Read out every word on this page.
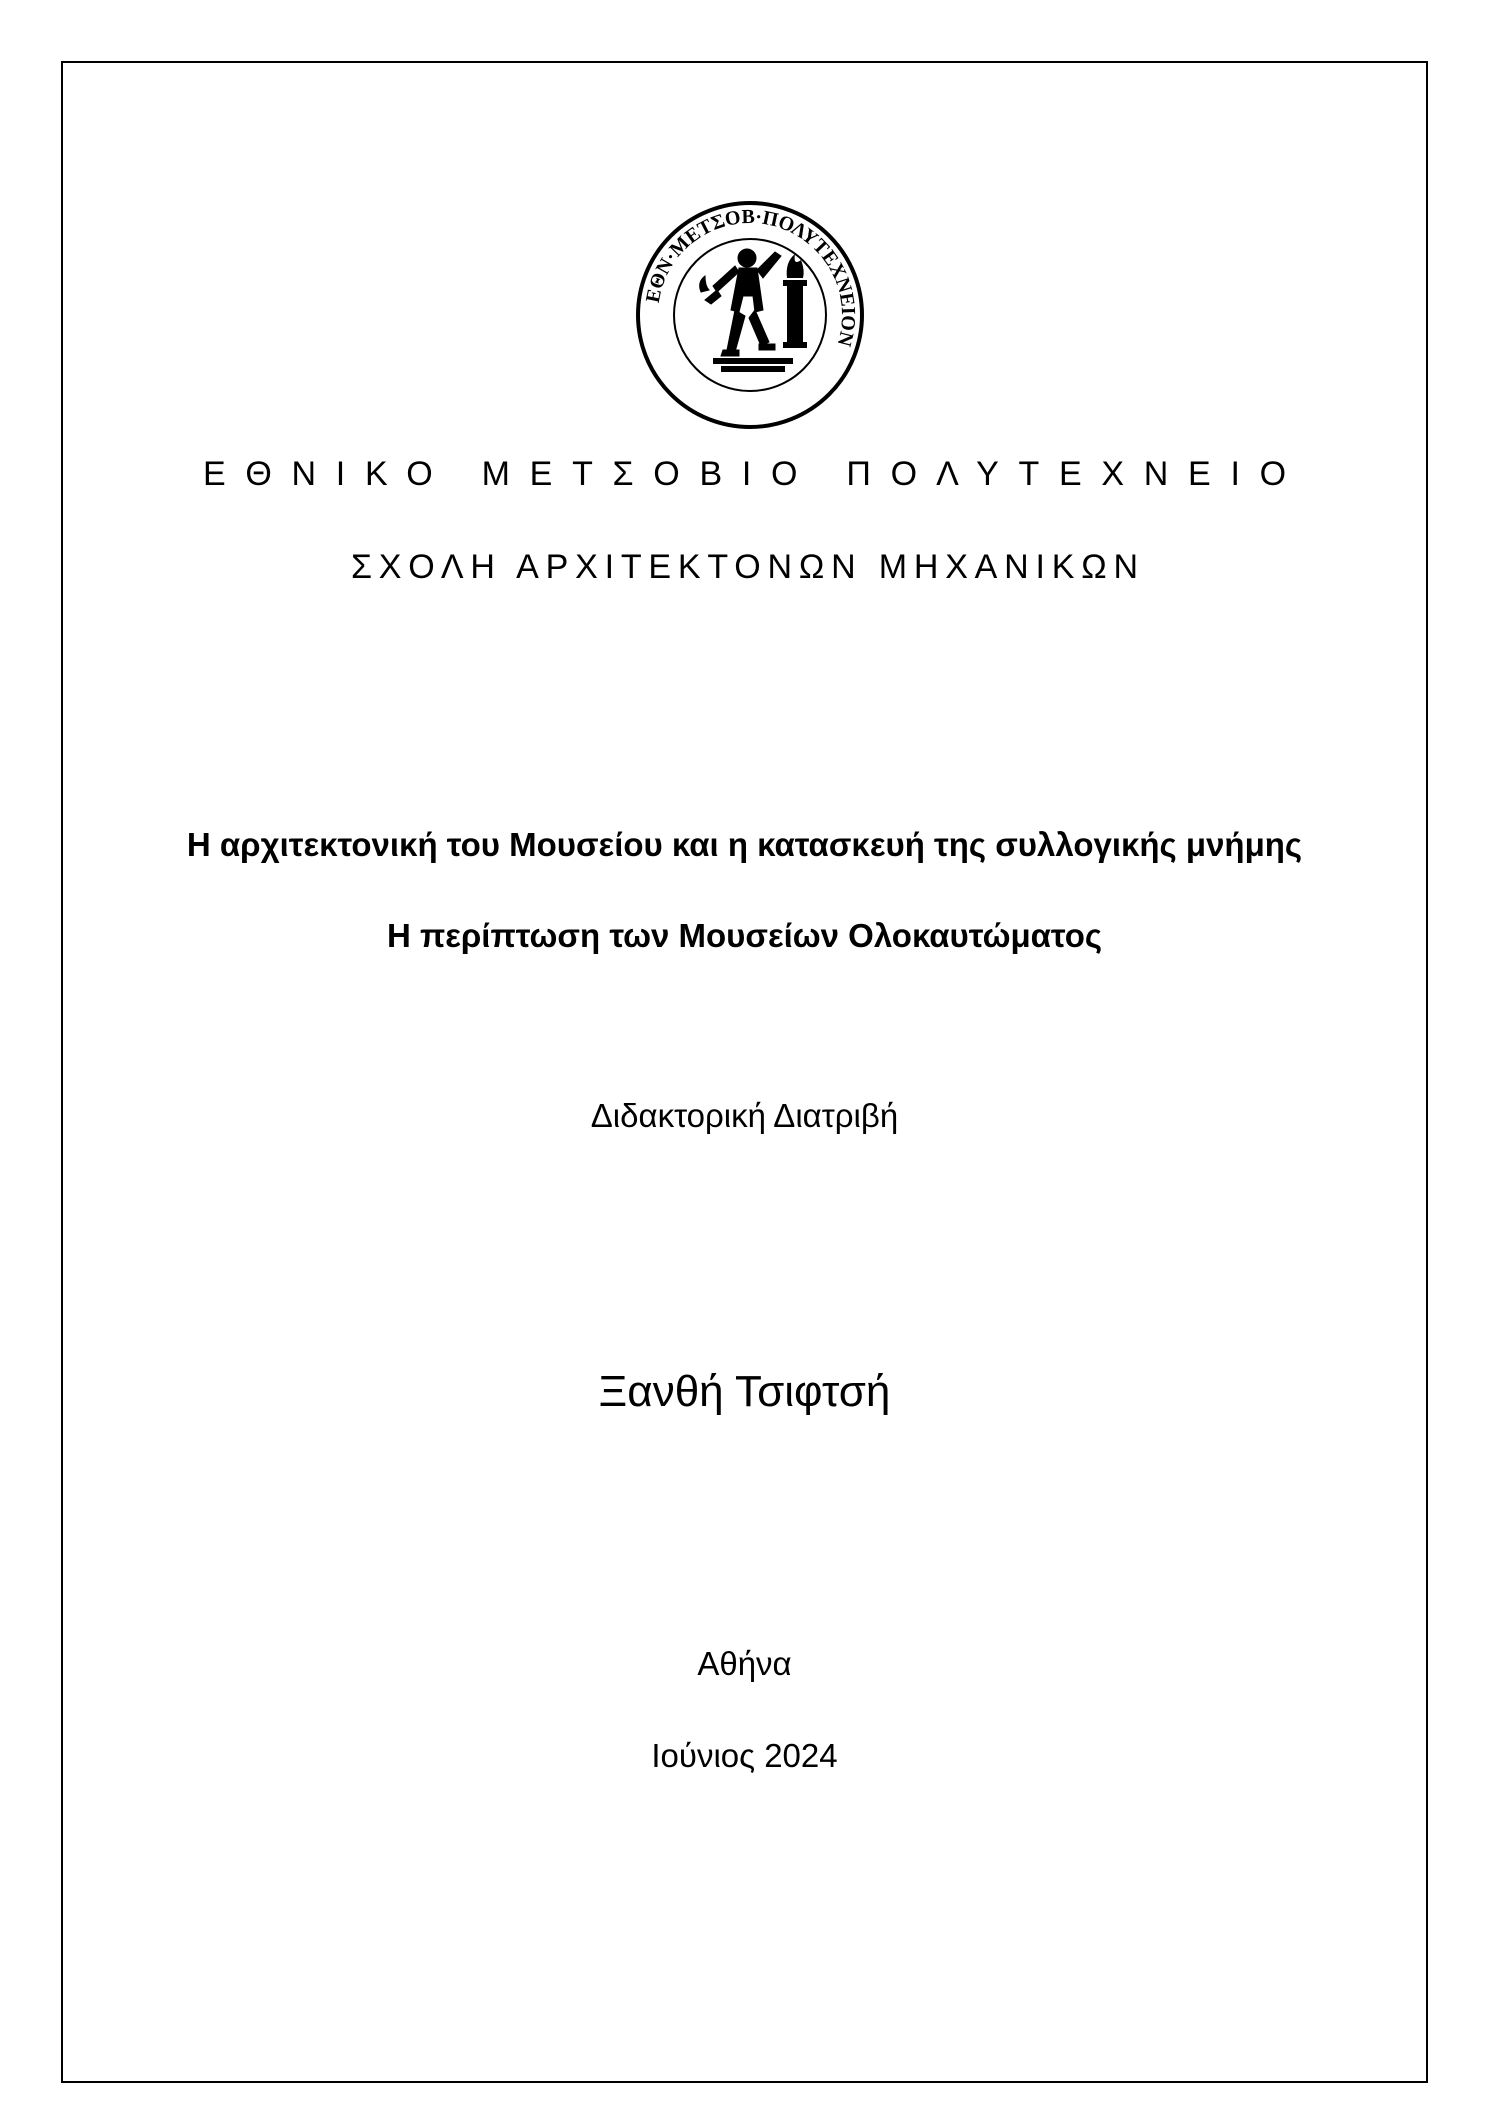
ΕΘΝ·ΜΕΤΣΟΒ·ΠΟΛΥΤΕΧΝΕΙΟΝ
ΕΘΝΙΚΟ ΜΕΤΣΟΒΙΟ ΠΟΛΥΤΕΧΝΕΙΟ
ΣΧΟΛΗ ΑΡΧΙΤΕΚΤΟΝΩΝ ΜΗΧΑΝΙΚΩΝ
Η αρχιτεκτονική του Μουσείου και η κατασκευή της συλλογικής μνήμης
Η περίπτωση των Μουσείων Ολοκαυτώματος
Διδακτορική Διατριβή
Ξανθή Τσιφτσή
Αθήνα
Ιούνιος 2024
